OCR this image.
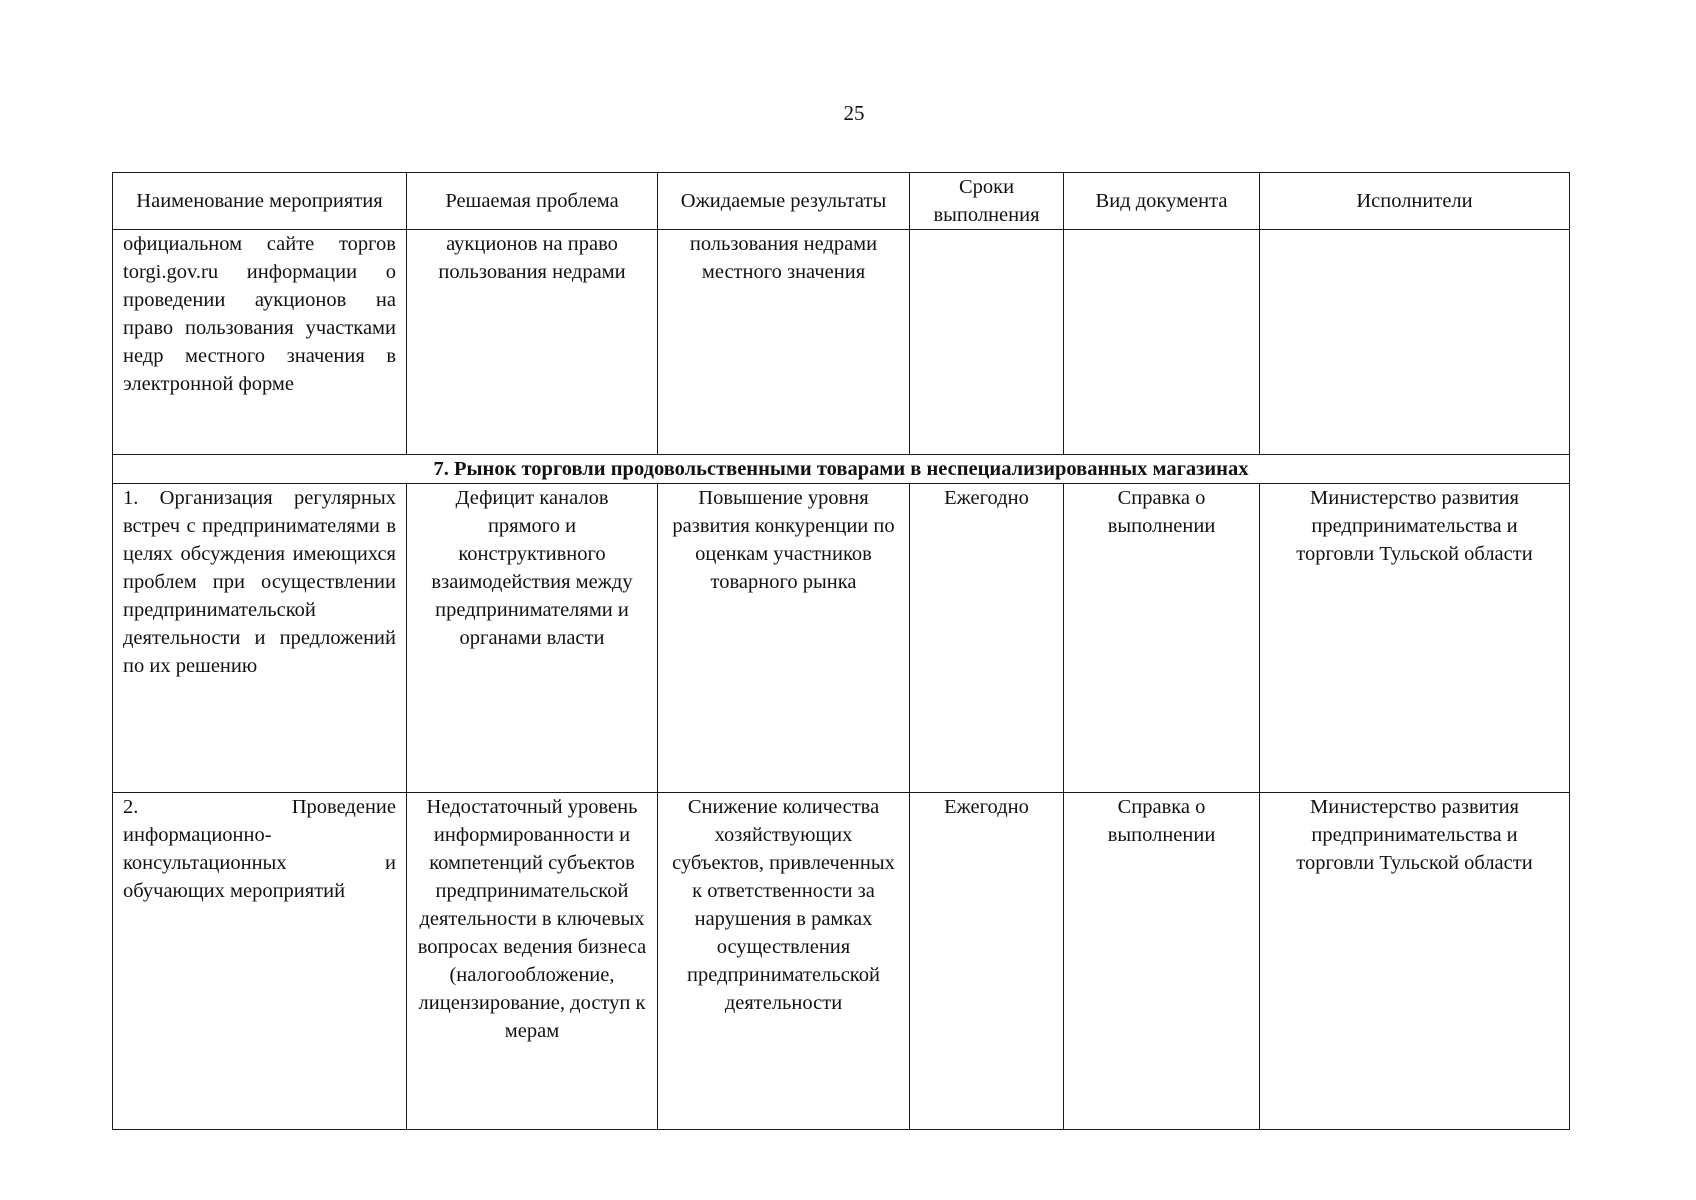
25
Наименование мероприятия	Решаемая проблема	Ожидаемые результаты	Сроки выполнения	Вид документа	Исполнители
официальном сайте торгов torgi.gov.ru информации о проведении аукционов на право пользования участками недр местного значения в электронной форме	аукционов на право пользования недрами	пользования недрами местного значения			
7. Рынок торговли продовольственными товарами в неспециализированных магазинах					
1. Организация регулярных встреч с предпринимателями в целях обсуждения имеющихся проблем при осуществлении предпринимательской деятельности и предложений по их решению	Дефицит каналов прямого и конструктивного взаимодействия между предпринимателями и органами власти	Повышение уровня развития конкуренции по оценкам участников товарного рынка	Ежегодно	Справка о выполнении	Министерство развития предпринимательства и торговли Тульской области
2. Проведение информационно-консультационных и обучающих мероприятий	Недостаточный уровень информированности и компетенций субъектов предпринимательской деятельности в ключевых вопросах ведения бизнеса (налогообложение, лицензирование, доступ к мерам	Снижение количества хозяйствующих субъектов, привлеченных к ответственности за нарушения в рамках осуществления предпринимательской деятельности	Ежегодно	Справка о выполнении	Министерство развития предпринимательства и торговли Тульской области
